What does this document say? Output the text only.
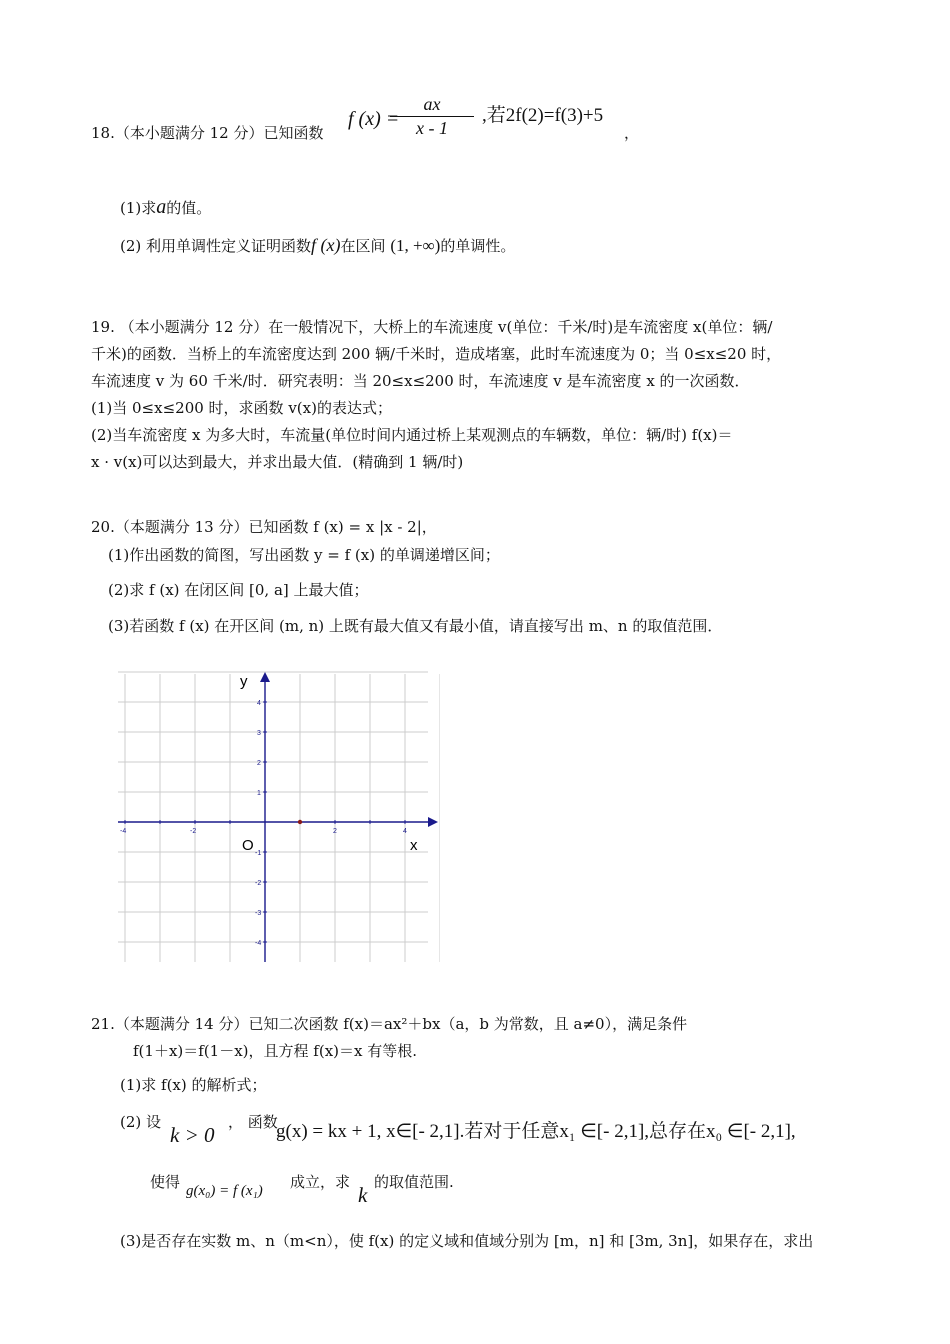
18.（本小题满分 12 分）已知函数
f (x) =
ax
x - 1
,若2f(2)=f(3)+5
，
(1)求a的值。
(2) 利用单调性定义证明函数f (x)在区间 (1, +∞)的单调性。
19. （本小题满分 12 分）在一般情况下，大桥上的车流速度 v(单位：千米/时)是车流密度 x(单位：辆/
千米)的函数．当桥上的车流密度达到 200 辆/千米时，造成堵塞，此时车流速度为 0；当 0≤x≤20 时，
车流速度 v 为 60 千米/时．研究表明：当 20≤x≤200 时，车流速度 v 是车流密度 x 的一次函数．
(1)当 0≤x≤200 时，求函数 v(x)的表达式；
(2)当车流密度 x 为多大时，车流量(单位时间内通过桥上某观测点的车辆数，单位：辆/时) f(x)＝
x · v(x)可以达到最大，并求出最大值．(精确到 1 辆/时)
20.（本题满分 13 分）已知函数 f (x) = x |x - 2|，
(1)作出函数的简图，写出函数 y = f (x) 的单调递增区间；
(2)求 f (x) 在闭区间 [0, a] 上最大值；
(3)若函数 f (x) 在开区间 (m, n) 上既有最大值又有最小值，请直接写出 m、n 的取值范围．
-4	-2	2	4
4
3
2
1
-1
-2
-3
-4
y
x
O
21.（本题满分 14 分）已知二次函数 f(x)＝ax²＋bx（a，b 为常数，且 a≠0），满足条件
f(1＋x)＝f(1－x)，且方程 f(x)＝x 有等根.
(1)求 f(x) 的解析式；
(2) 设
k > 0
， 函数
g(x) = kx + 1, x∈[- 2,1].若对于任意x₁ ∈[- 2,1],总存在x₀ ∈[- 2,1],
使得 g(x₀) = f (x₁) 成立，求
k
的取值范围.
(3)是否存在实数 m、n（m<n），使 f(x) 的定义域和值域分别为 [m，n] 和 [3m, 3n]，如果存在，求出
